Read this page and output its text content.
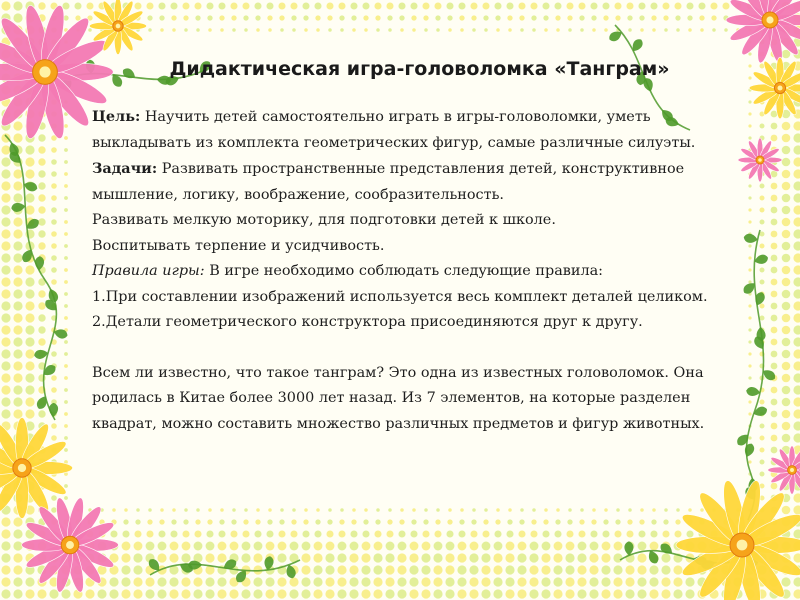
Дидактическая игра-головоломка «Танграм»

Цель: Научить детей самостоятельно играть в игры-головоломки, уметь выкладывать из комплекта геометрических фигур, самые различные силуэты.

Задачи: Развивать пространственные представления детей, конструктивное мышление, логику, воображение, сообразительность.

Развивать мелкую моторику, для подготовки детей к школе.

Воспитывать терпение и усидчивость.

Правила игры: В игре необходимо соблюдать следующие правила:

1.При составлении изображений используется весь комплект деталей целиком.

2.Детали геометрического конструктора присоединяются друг к другу.

Всем ли известно, что такое танграм? Это одна из известных головоломок. Она родилась в Китае более 3000 лет назад. Из 7 элементов, на которые разделен квадрат, можно составить множество различных предметов и фигур животных.
